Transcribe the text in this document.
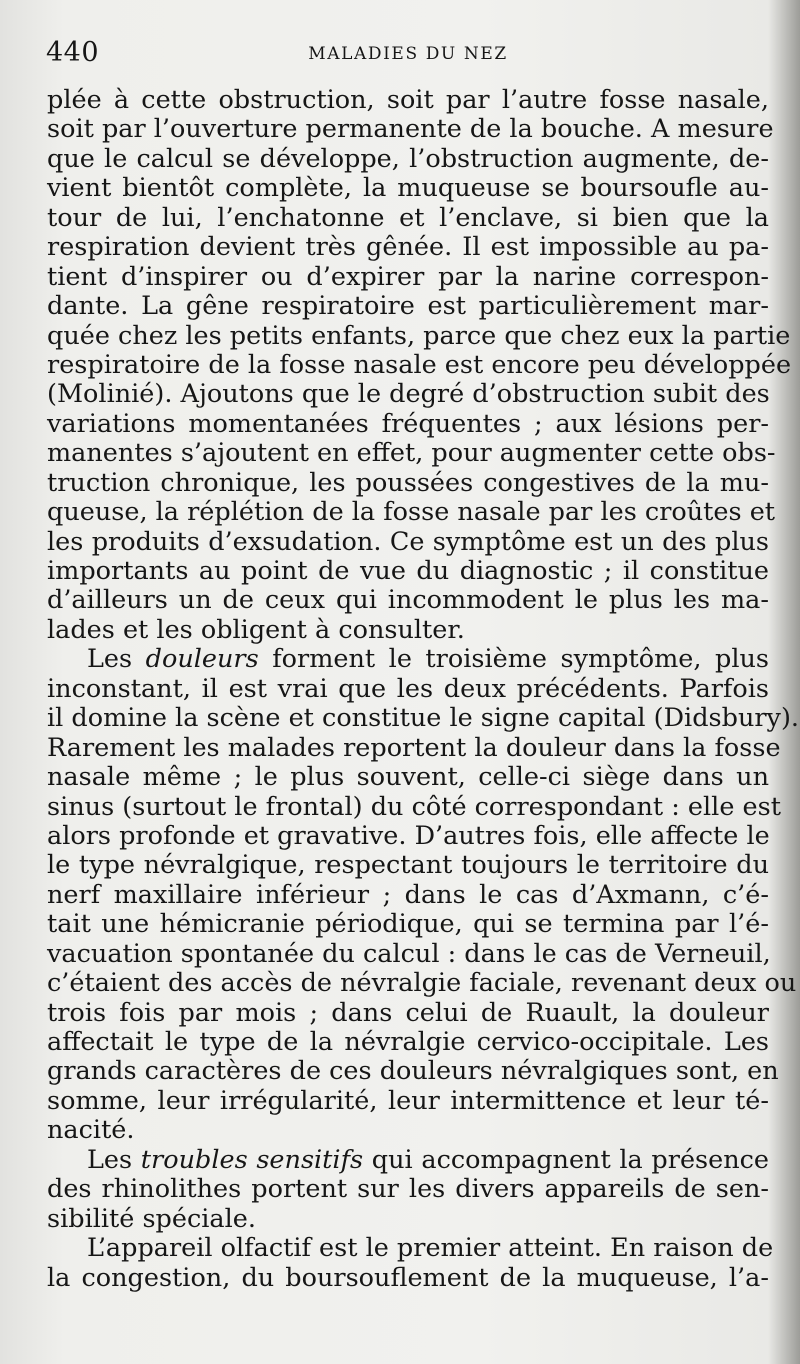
440	MALADIES DU NEZ
plée à cette obstruction, soit par l’autre fosse nasale,
soit par l’ouverture permanente de la bouche. A mesure
que le calcul se développe, l’obstruction augmente, de-
vient bientôt complète, la muqueuse se boursoufle au-
tour de lui, l’enchatonne et l’enclave, si bien que la
respiration devient très gênée. Il est impossible au pa-
tient d’inspirer ou d’expirer par la narine correspon-
dante. La gêne respiratoire est particulièrement mar-
quée chez les petits enfants, parce que chez eux la partie
respiratoire de la fosse nasale est encore peu développée
(Molinié). Ajoutons que le degré d’obstruction subit des
variations momentanées fréquentes ; aux lésions per-
manentes s’ajoutent en effet, pour augmenter cette obs-
truction chronique, les poussées congestives de la mu-
queuse, la réplétion de la fosse nasale par les croûtes et
les produits d’exsudation. Ce symptôme est un des plus
importants au point de vue du diagnostic ; il constitue
d’ailleurs un de ceux qui incommodent le plus les ma-
lades et les obligent à consulter.
Les douleurs forment le troisième symptôme, plus
inconstant, il est vrai que les deux précédents. Parfois
il domine la scène et constitue le signe capital (Didsbury).
Rarement les malades reportent la douleur dans la fosse
nasale même ; le plus souvent, celle-ci siège dans un
sinus (surtout le frontal) du côté correspondant : elle est
alors profonde et gravative. D’autres fois, elle affecte le
le type névralgique, respectant toujours le territoire du
nerf maxillaire inférieur ; dans le cas d’Axmann, c’é-
tait une hémicranie périodique, qui se termina par l’é-
vacuation spontanée du calcul : dans le cas de Verneuil,
c’étaient des accès de névralgie faciale, revenant deux ou
trois fois par mois ; dans celui de Ruault, la douleur
affectait le type de la névralgie cervico-occipitale. Les
grands caractères de ces douleurs névralgiques sont, en
somme, leur irrégularité, leur intermittence et leur té-
nacité.
Les troubles sensitifs qui accompagnent la présence
des rhinolithes portent sur les divers appareils de sen-
sibilité spéciale.
L’appareil olfactif est le premier atteint. En raison de
la congestion, du boursouflement de la muqueuse, l’a-
